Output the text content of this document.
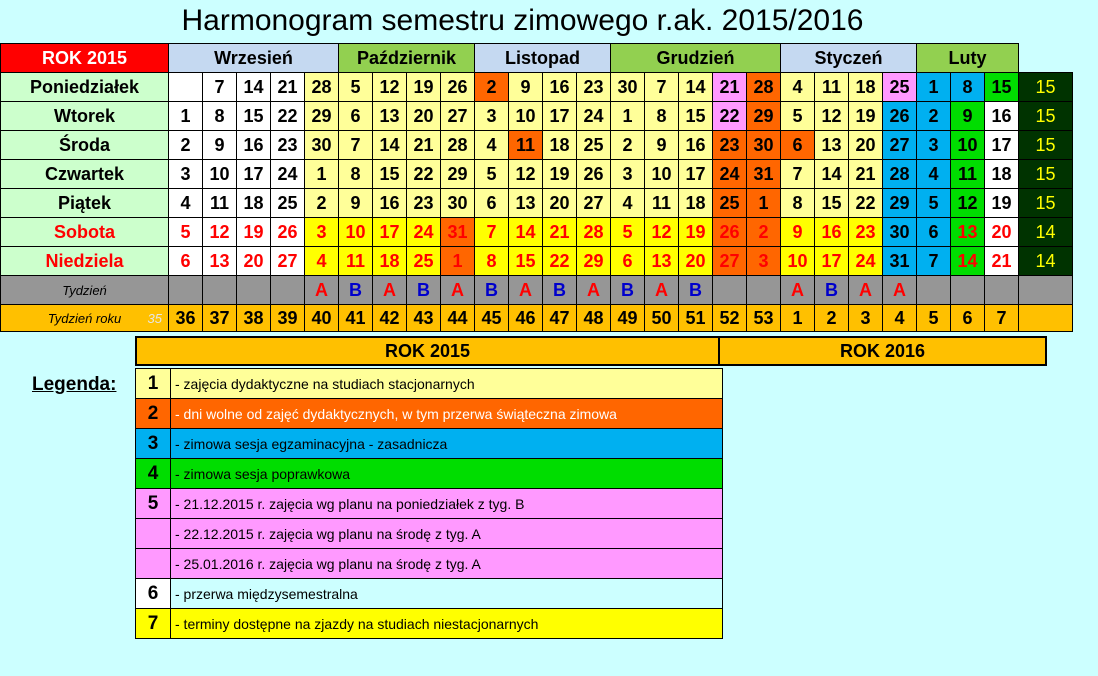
Harmonogram semestru zimowego r.ak. 2015/2016
ROK 2015	Wrzesień					Październik				Listopad				Grudzień					Styczeń				Luty			
Poniedziałek		7	14	21	28	5	12	19	26	2	9	16	23	30	7	14	21	28	4	11	18	25	1	8	15	15
Wtorek	1	8	15	22	29	6	13	20	27	3	10	17	24	1	8	15	22	29	5	12	19	26	2	9	16	15
Środa	2	9	16	23	30	7	14	21	28	4	11	18	25	2	9	16	23	30	6	13	20	27	3	10	17	15
Czwartek	3	10	17	24	1	8	15	22	29	5	12	19	26	3	10	17	24	31	7	14	21	28	4	11	18	15
Piątek	4	11	18	25	2	9	16	23	30	6	13	20	27	4	11	18	25	1	8	15	22	29	5	12	19	15
Sobota	5	12	19	26	3	10	17	24	31	7	14	21	28	5	12	19	26	2	9	16	23	30	6	13	20	14
Niedziela	6	13	20	27	4	11	18	25	1	8	15	22	29	6	13	20	27	3	10	17	24	31	7	14	21	14
Tydzień					A	B	A	B	A	B	A	B	A	B	A	B			A	B	A	A				
Tydzień roku 35	36	37	38	39	40	41	42	43	44	45	46	47	48	49	50	51	52	53	1	2	3	4	5	6	7	
ROK 2015	ROK 2016
Legenda: 1	- zajęcia dydaktyczne na studiach stacjonarnych
2	- dni wolne od zajęć dydaktycznych, w tym przerwa świąteczna zimowa
3	- zimowa sesja egzaminacyjna - zasadnicza
4	- zimowa sesja poprawkowa
5	- 21.12.2015 r. zajęcia wg planu na poniedziałek z tyg. B
	- 22.12.2015 r. zajęcia wg planu na środę z tyg. A
	- 25.01.2016 r. zajęcia wg planu na środę z tyg. A
6	- przerwa międzysemestralna
7	- terminy dostępne na zjazdy na studiach niestacjonarnych
